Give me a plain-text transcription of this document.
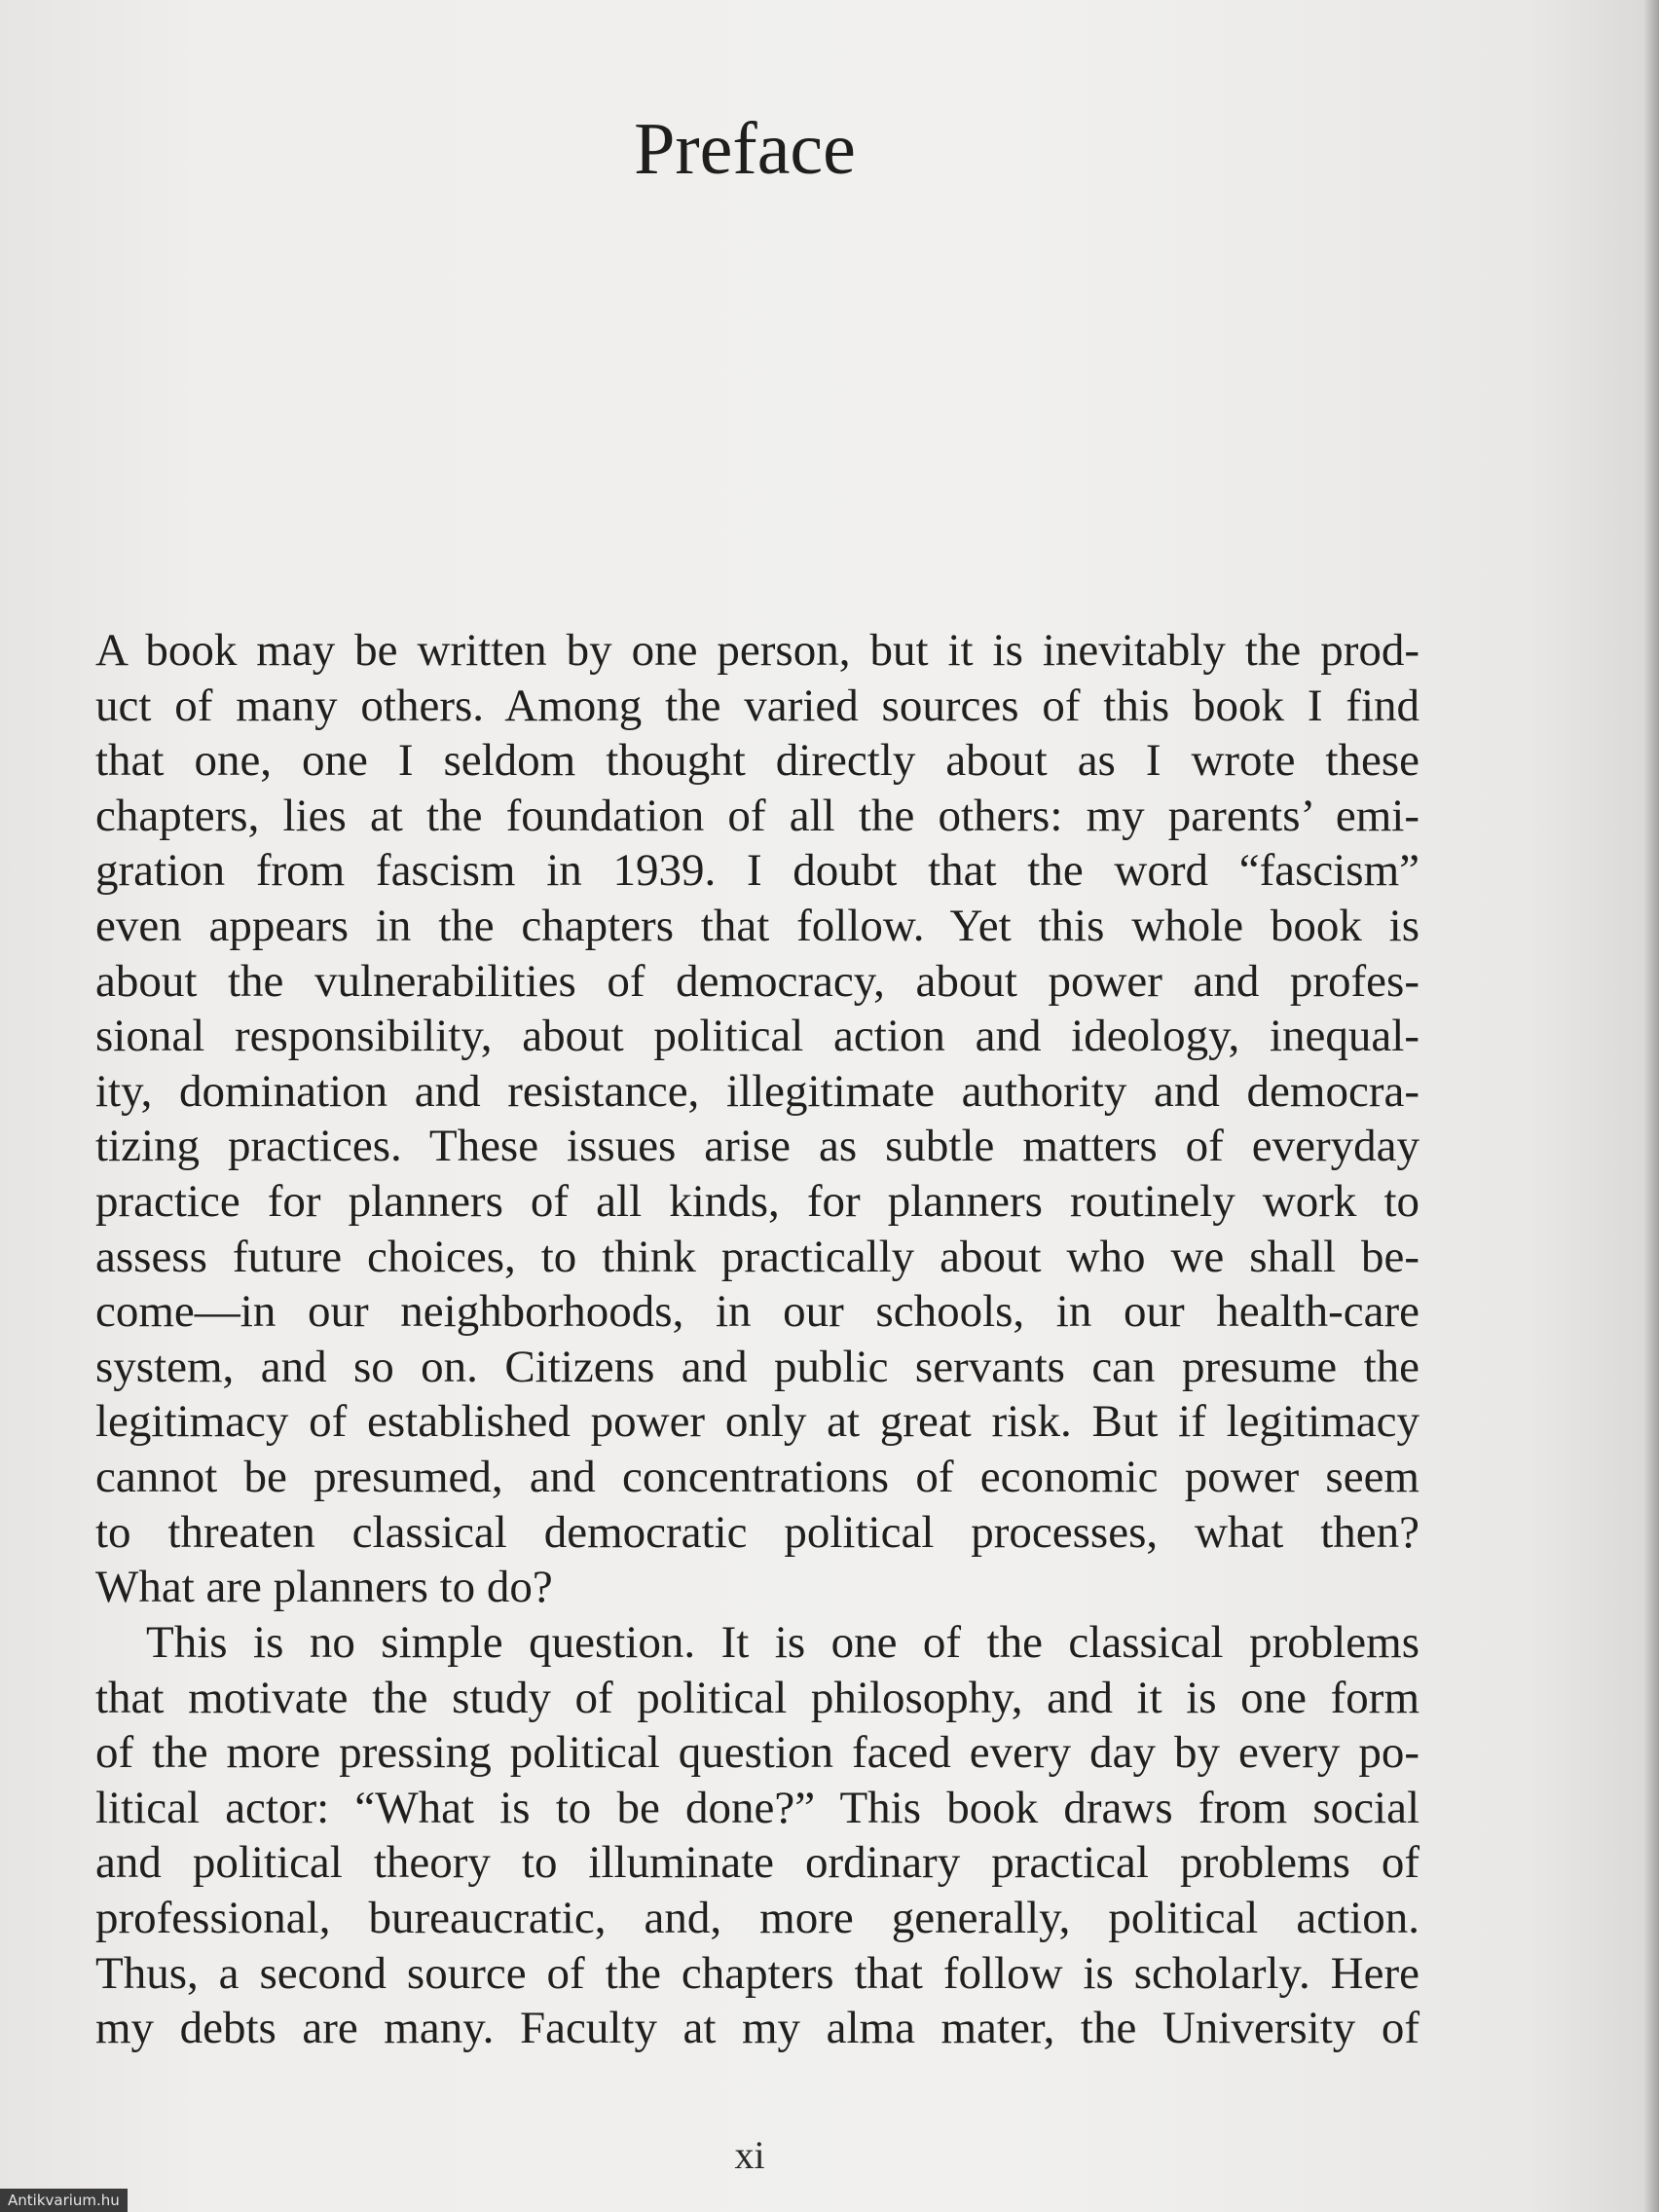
Preface
A book may be written by one person, but it is inevitably the prod-
uct of many others. Among the varied sources of this book I find
that one, one I seldom thought directly about as I wrote these
chapters, lies at the foundation of all the others: my parents’ emi-
gration from fascism in 1939. I doubt that the word “fascism”
even appears in the chapters that follow. Yet this whole book is
about the vulnerabilities of democracy, about power and profes-
sional responsibility, about political action and ideology, inequal-
ity, domination and resistance, illegitimate authority and democra-
tizing practices. These issues arise as subtle matters of everyday
practice for planners of all kinds, for planners routinely work to
assess future choices, to think practically about who we shall be-
come—in our neighborhoods, in our schools, in our health-care
system, and so on. Citizens and public servants can presume the
legitimacy of established power only at great risk. But if legitimacy
cannot be presumed, and concentrations of economic power seem
to threaten classical democratic political processes, what then?
What are planners to do?
This is no simple question. It is one of the classical problems
that motivate the study of political philosophy, and it is one form
of the more pressing political question faced every day by every po-
litical actor: “What is to be done?” This book draws from social
and political theory to illuminate ordinary practical problems of
professional, bureaucratic, and, more generally, political action.
Thus, a second source of the chapters that follow is scholarly. Here
my debts are many. Faculty at my alma mater, the University of
xi
Antikvarium.hu
